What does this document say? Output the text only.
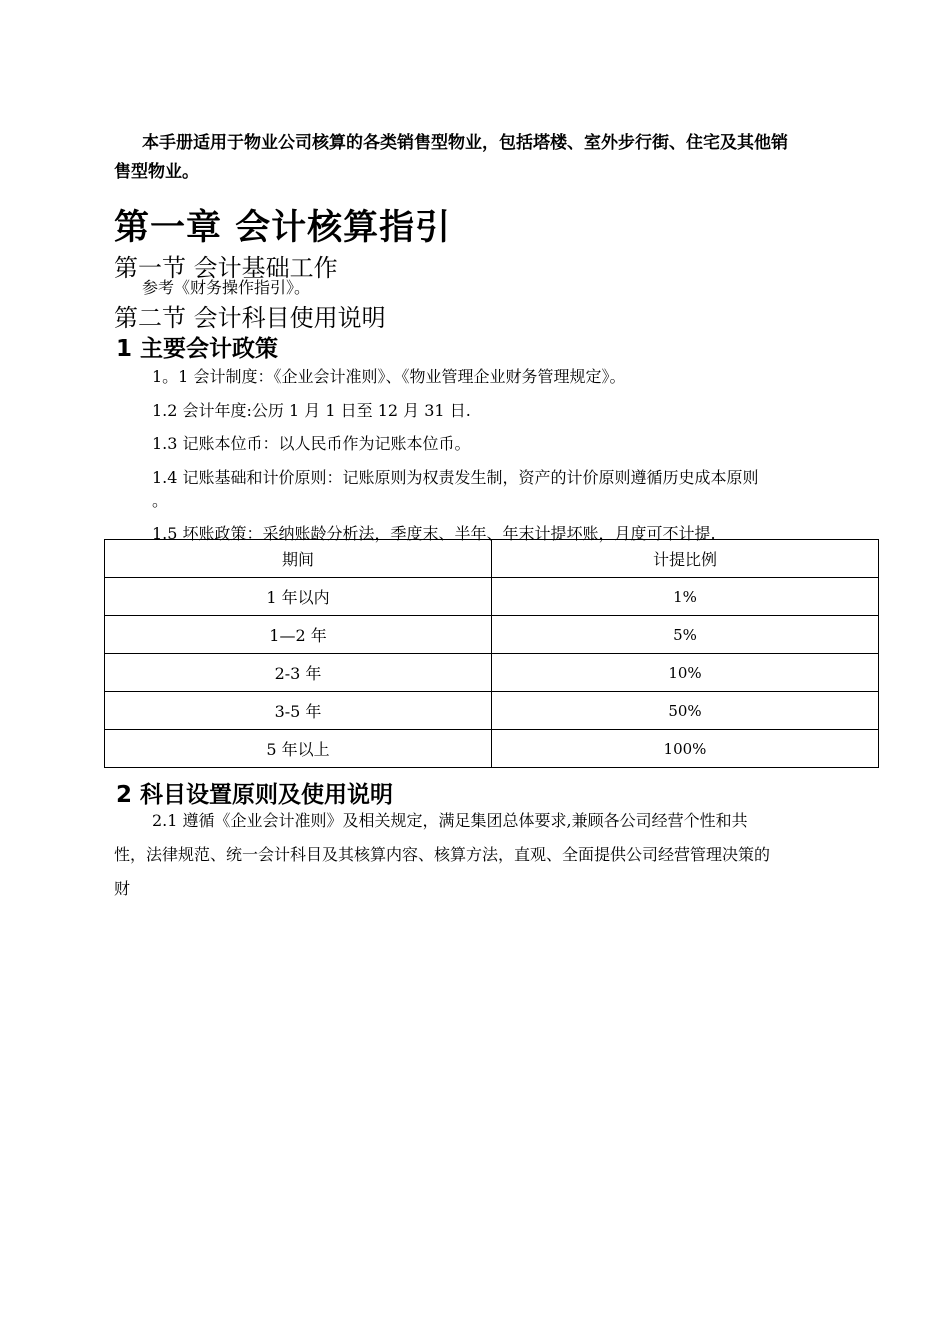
本手册适用于物业公司核算的各类销售型物业，包括塔楼、室外步行街、住宅及其他销
售型物业。
第一章 会计核算指引
第一节 会计基础工作
参考《财务操作指引》。
第二节 会计科目使用说明
1 主要会计政策
1。1 会计制度：《企业会计准则》、《物业管理企业财务管理规定》。
1.2 会计年度:公历 1 月 1 日至 12 月 31 日.
1.3 记账本位币：以人民币作为记账本位币。
1.4 记账基础和计价原则：记账原则为权责发生制，资产的计价原则遵循历史成本原则
。
1.5 坏账政策：采纳账龄分析法，季度末、半年、年末计提坏账，月度可不计提.
期间	计提比例
1 年以内	1%
1—2 年	5%
2-3 年	10%
3-5 年	50%
5 年以上	100%
2 科目设置原则及使用说明
2.1 遵循《企业会计准则》及相关规定，满足集团总体要求,兼顾各公司经营个性和共
性，法律规范、统一会计科目及其核算内容、核算方法，直观、全面提供公司经营管理决策的
财
